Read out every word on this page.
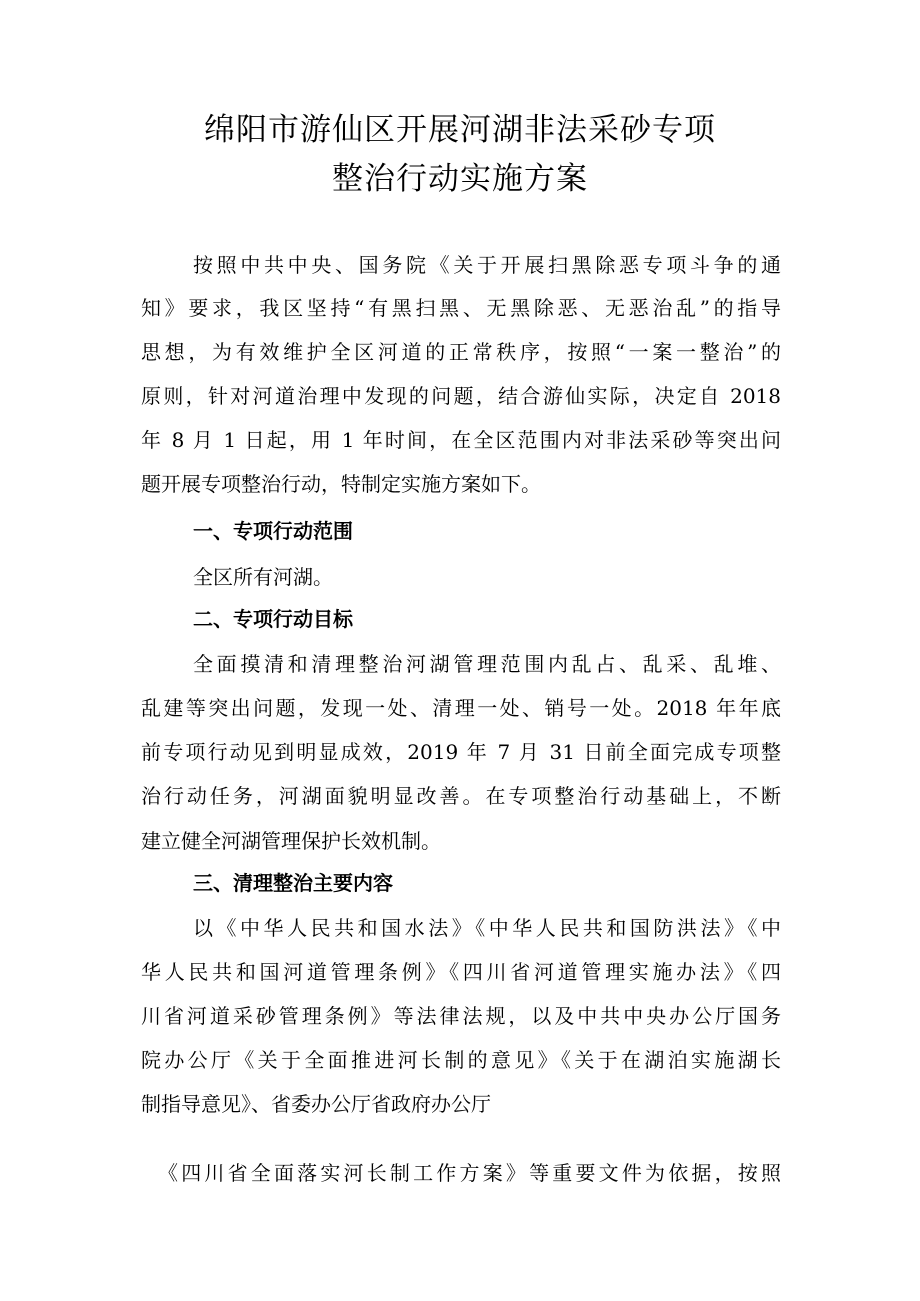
绵阳市游仙区开展河湖非法采砂专项
整治行动实施方案
按照中共中央、国务院《关于开展扫黑除恶专项斗争的通
知》要求，我区坚持“有黑扫黑、无黑除恶、无恶治乱”的指导
思想，为有效维护全区河道的正常秩序，按照“一案一整治”的
原则，针对河道治理中发现的问题，结合游仙实际，决定自 2018
年 8 月 1 日起，用 1 年时间，在全区范围内对非法采砂等突出问
题开展专项整治行动，特制定实施方案如下。
一、专项行动范围
全区所有河湖。
二、专项行动目标
全面摸清和清理整治河湖管理范围内乱占、乱采、乱堆、
乱建等突出问题，发现一处、清理一处、销号一处。2018 年年底
前专项行动见到明显成效，2019 年 7 月 31 日前全面完成专项整
治行动任务，河湖面貌明显改善。在专项整治行动基础上，不断
建立健全河湖管理保护长效机制。
三、清理整治主要内容
以《中华人民共和国水法》《中华人民共和国防洪法》《中
华人民共和国河道管理条例》《四川省河道管理实施办法》《四
川省河道采砂管理条例》等法律法规，以及中共中央办公厅国务
院办公厅《关于全面推进河长制的意见》《关于在湖泊实施湖长
制指导意见》、省委办公厅省政府办公厅
《四川省全面落实河长制工作方案》等重要文件为依据，按照
